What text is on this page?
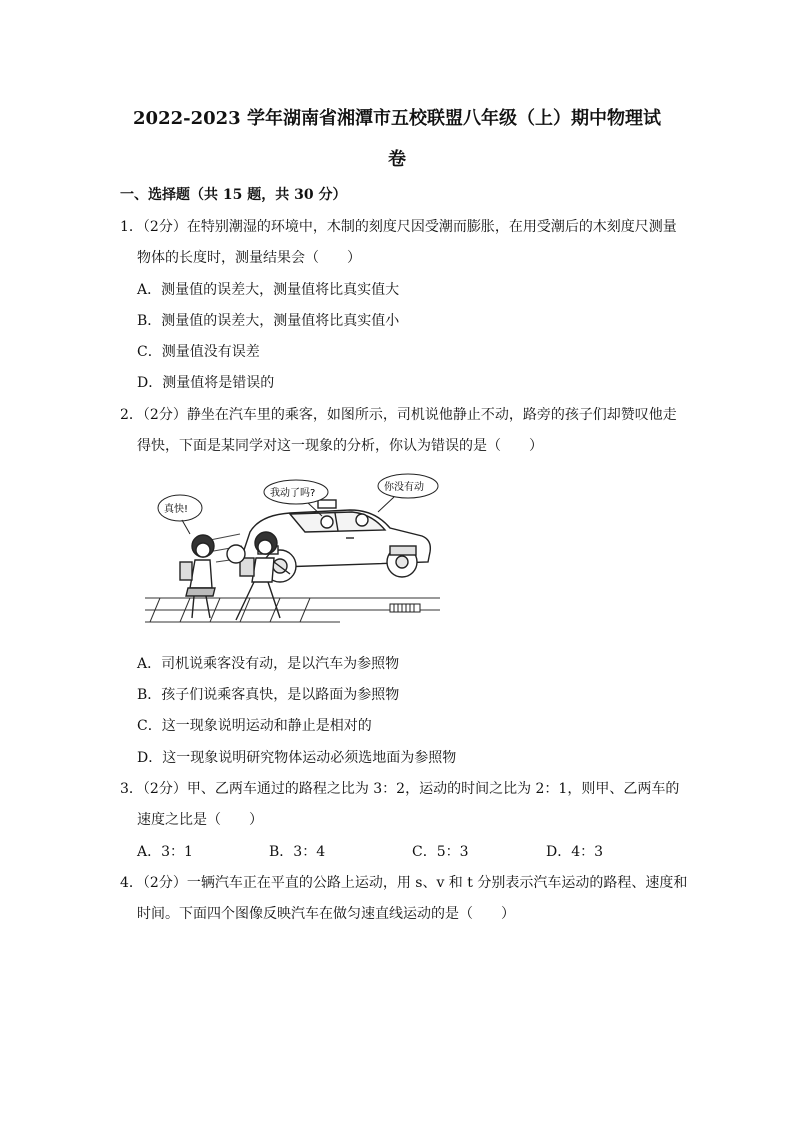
2022-2023 学年湖南省湘潭市五校联盟八年级（上）期中物理试
卷
一、选择题（共 15 题，共 30 分）
1．（2分）在特别潮湿的环境中，木制的刻度尺因受潮而膨胀，在用受潮后的木刻度尺测量
物体的长度时，测量结果会（　　）
A．测量值的误差大，测量值将比真实值大
B．测量值的误差大，测量值将比真实值小
C．测量值没有误差
D．测量值将是错误的
2．（2分）静坐在汽车里的乘客，如图所示，司机说他静止不动，路旁的孩子们却赞叹他走
得快，下面是某同学对这一现象的分析，你认为错误的是（　　）
真快!
我动了吗?
你没有动
A．司机说乘客没有动，是以汽车为参照物
B．孩子们说乘客真快，是以路面为参照物
C．这一现象说明运动和静止是相对的
D．这一现象说明研究物体运动必须选地面为参照物
3．（2分）甲、乙两车通过的路程之比为 3：2，运动的时间之比为 2：1，则甲、乙两车的
速度之比是（　　）
A．3：1	B．3：4	C．5：3	D．4：3
4．（2分）一辆汽车正在平直的公路上运动，用 s、v 和 t 分别表示汽车运动的路程、速度和
时间。下面四个图像反映汽车在做匀速直线运动的是（　　）
